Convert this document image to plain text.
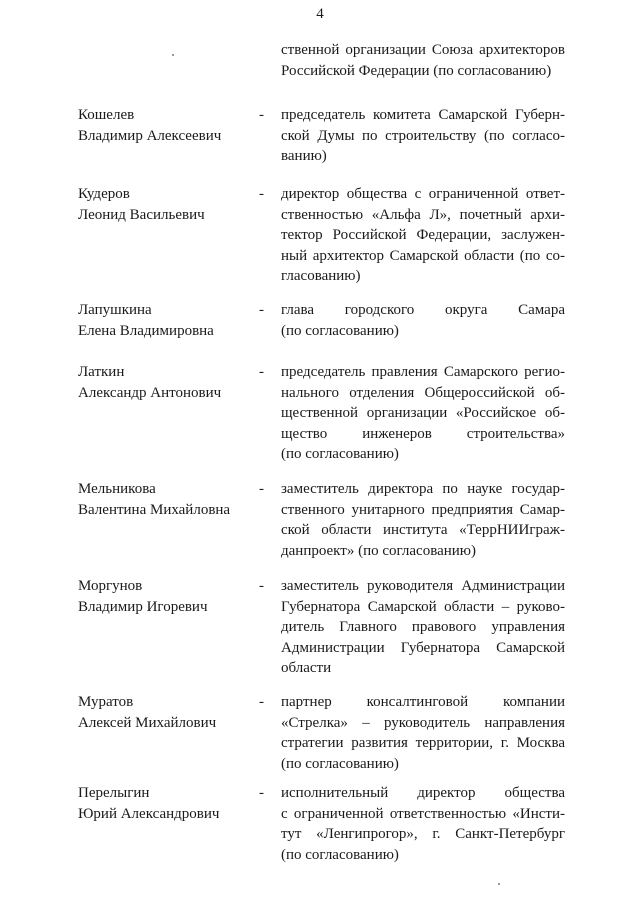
4
ственной организации Союза архитекторов
Российской Федерации (по согласованию)
Кошелев
Владимир Алексеевич
- председатель комитета Самарской Губерн-
ской Думы по строительству (по согласо-
ванию)
Кудеров
Леонид Васильевич
- директор общества с ограниченной ответ-
ственностью «Альфа Л», почетный архи-
тектор Российской Федерации, заслужен-
ный архитектор Самарской области (по со-
гласованию)
Лапушкина
Елена Владимировна
- глава городского округа Самара
(по согласованию)
Латкин
Александр Антонович
- председатель правления Самарского регио-
нального отделения Общероссийской об-
щественной организации «Российское об-
щество инженеров строительства»
(по согласованию)
Мельникова
Валентина Михайловна
- заместитель директора по науке государ-
ственного унитарного предприятия Самар-
ской области института «ТеррНИИграж-
данпроект» (по согласованию)
Моргунов
Владимир Игоревич
- заместитель руководителя Администрации
Губернатора Самарской области – руково-
дитель Главного правового управления
Администрации Губернатора Самарской
области
Муратов
Алексей Михайлович
- партнер консалтинговой компании
«Стрелка» – руководитель направления
стратегии развития территории, г. Москва
(по согласованию)
Перелыгин
Юрий Александрович
- исполнительный директор общества
с ограниченной ответственностью «Инсти-
тут «Ленгипрогор», г. Санкт-Петербург
(по согласованию)
